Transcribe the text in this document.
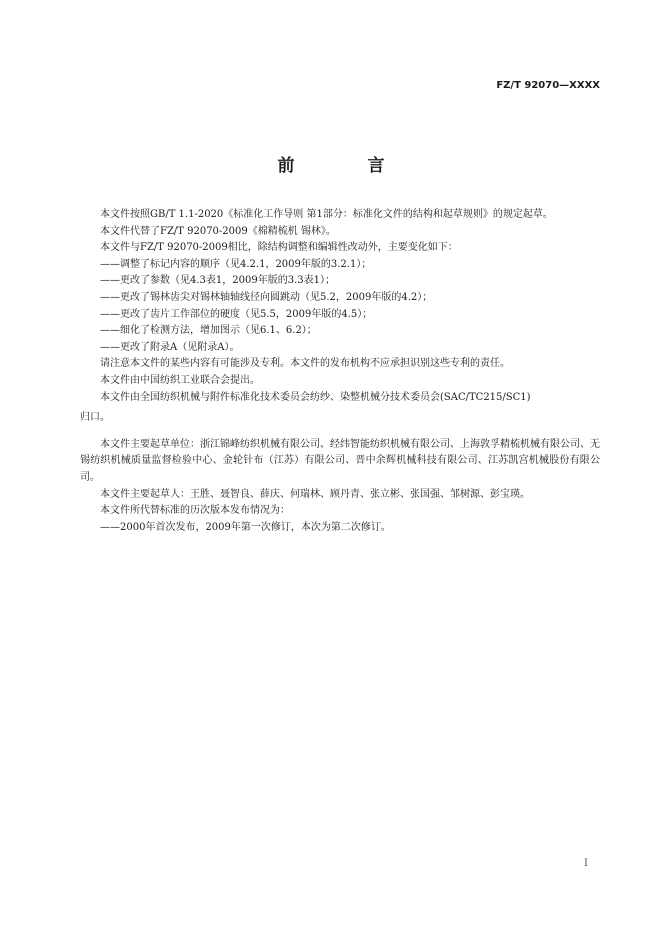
FZ/T 92070—XXXX
前　言

本文件按照GB/T 1.1-2020《标准化工作导则 第1部分：标准化文件的结构和起草规则》的规定起草。

本文件代替了FZ/T 92070-2009《棉精梳机 锡林》。

本文件与FZ/T 92070-2009相比，除结构调整和编辑性改动外，主要变化如下：

——调整了标记内容的顺序（见4.2.1，2009年版的3.2.1）；

——更改了参数（见4.3表1，2009年版的3.3表1）；

——更改了锡林齿尖对锡林轴轴线径向圆跳动（见5.2，2009年版的4.2）；

——更改了齿片工作部位的硬度（见5.5，2009年版的4.5）；

——细化了检测方法，增加图示（见6.1、6.2）；

——更改了附录A（见附录A）。

请注意本文件的某些内容有可能涉及专利。本文件的发布机构不应承担识别这些专利的责任。

本文件由中国纺织工业联合会提出。

本文件由全国纺织机械与附件标准化技术委员会纺纱、染整机械分技术委员会(SAC/TC215/SC1)

归口。

本文件主要起草单位：浙江锦峰纺织机械有限公司、经纬智能纺织机械有限公司、上海敦孚精梳机械有限公司、无锡纺织机械质量监督检验中心、金轮针布（江苏）有限公司、晋中余辉机械科技有限公司、江苏凯宫机械股份有限公司。

本文件主要起草人：王胜、聂智良、薛庆、何瑞林、顾丹青、张立彬、张国强、邹树源、彭宝瑛。

本文件所代替标准的历次版本发布情况为：

——2000年首次发布，2009年第一次修订，本次为第二次修订。

I
